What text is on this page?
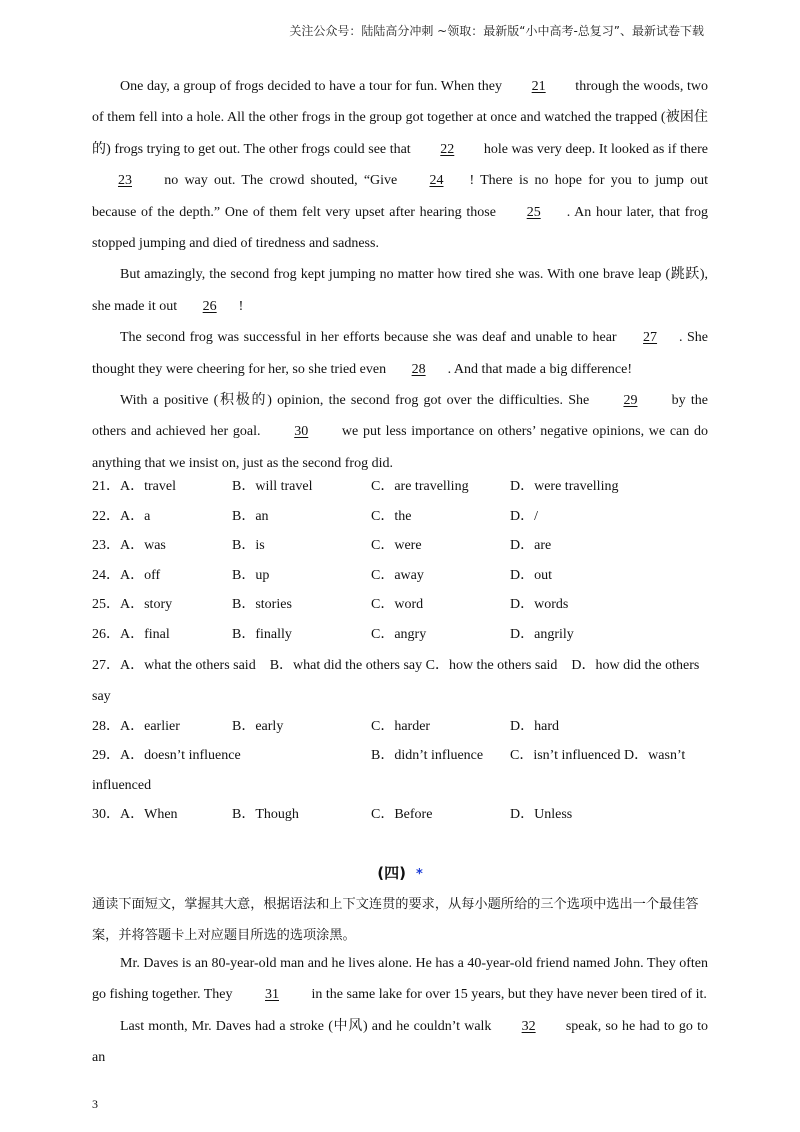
关注公众号：陆陆高分冲刺 ~领取：最新版“小中高考-总复习”、最新试卷下载

One day, a group of frogs decided to have a tour for fun. When they 21 through the woods, two of them fell into a hole. All the other frogs in the group got together at once and watched the trapped (被困住的) frogs trying to get out. The other frogs could see that 22 hole was very deep. It looked as if there 23 no way out. The crowd shouted, “Give 24 ! There is no hope for you to jump out because of the depth.” One of them felt very upset after hearing those 25 . An hour later, that frog stopped jumping and died of tiredness and sadness.

But amazingly, the second frog kept jumping no matter how tired she was. With one brave leap (跳跃), she made it out 26 !

The second frog was successful in her efforts because she was deaf and unable to hear 27 . She thought they were cheering for her, so she tried even 28 . And that made a big difference!

With a positive (积极的) opinion, the second frog got over the difficulties. She 29 by the others and achieved her goal. 30 we put less importance on others’ negative opinions, we can do anything that we insist on, just as the second frog did.

21．A．travel	B．will travel	C．are travelling	D．were travelling
22．A．a	B．an	C．the	D．/
23．A．was	B．is	C．were	D．are
24．A．off	B．up	C．away	D．out
25．A．story	B．stories	C．word	D．words
26．A．final	B．finally	C．angry	D．angrily
27．A．what the others said　B．what did the others say C．how the others said　D．how did the others say
28．A．earlier	B．early	C．harder	D．hard
29．A．doesn’t influence	B．didn’t influence C．isn’t influenced D．wasn’t
influenced
30．A．When	B．Though	C．Before	D．Unless
(四) *
通读下面短文，掌握其大意，根据语法和上下文连贯的要求，从每小题所给的三个选项中选出一个最佳答案，并将答题卡上对应题目所选的选项涂黑。

Mr. Daves is an 80-year-old man and he lives alone. He has a 40-year-old friend named John. They often go fishing together. They 31 in the same lake for over 15 years, but they have never been tired of it.

Last month, Mr. Daves had a stroke (中风) and he couldn’t walk 32 speak, so he had to go to an

3
